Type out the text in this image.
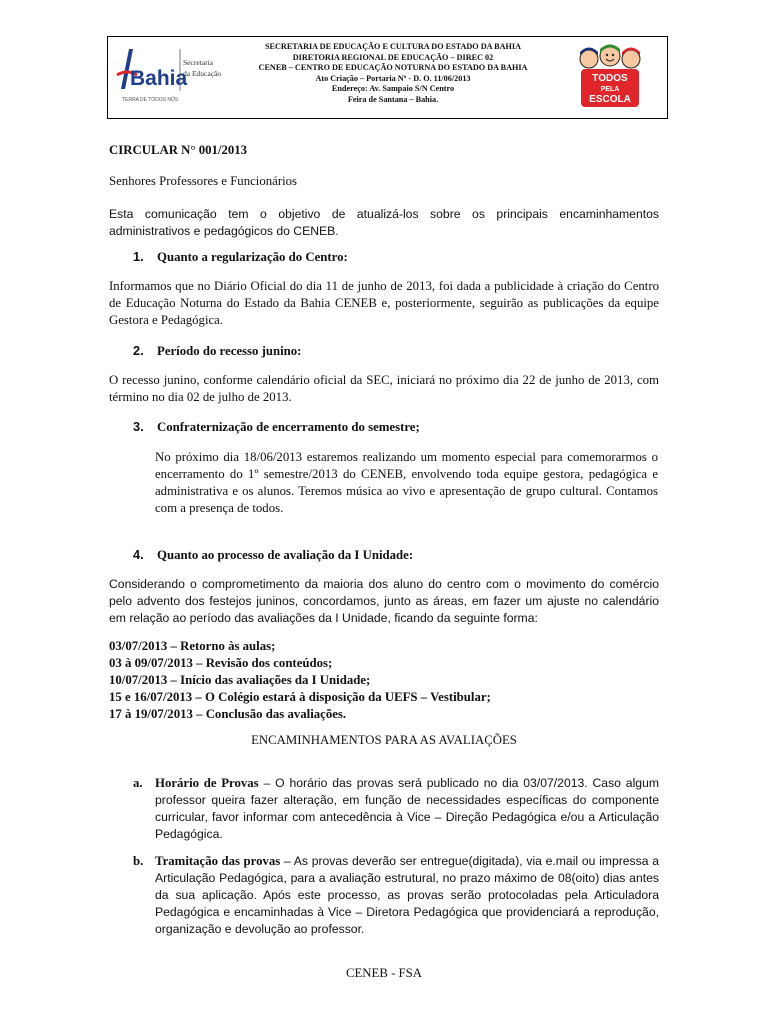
Bahia
Secretaria
da Educação
TERRA DE TODOS NÓS
SECRETARIA DE EDUCAÇÃO E CULTURA DO ESTADO DA BAHIA
DIRETORIA REGIONAL DE EDUCAÇÃO – DIREC 02
CENEB – CENTRO DE EDUCAÇÃO NOTURNA DO ESTADO DA BAHIA
Ato Criação – Portaria Nº - D. O. 11/06/2013
Endereço: Av. Sampaio S/N Centro
Feira de Santana – Bahia.
TODOS
PELA
ESCOLA
CIRCULAR N° 001/2013
Senhores Professores e Funcionários
Esta comunicação tem o objetivo de atualizá-los sobre os principais encaminhamentos administrativos e pedagógicos do CENEB.
1. Quanto a regularização do Centro:
Informamos que no Diário Oficial do dia 11 de junho de 2013, foi dada a publicidade à criação do Centro de Educação Noturna do Estado da Bahia CENEB e, posteriormente, seguirão as publicações da equipe Gestora e Pedagógica.
2. Período do recesso junino:
O recesso junino, conforme calendário oficial da SEC, iniciará no próximo dia 22 de junho de 2013, com término no dia 02 de julho de 2013.
3. Confraternização de encerramento do semestre;
No próximo dia 18/06/2013 estaremos realizando um momento especial para comemorarmos o encerramento do 1º semestre/2013 do CENEB, envolvendo toda equipe gestora, pedagógica e administrativa e os alunos. Teremos música ao vivo e apresentação de grupo cultural. Contamos com a presença de todos.
4. Quanto ao processo de avaliação da I Unidade:
Considerando o comprometimento da maioria dos aluno do centro com o movimento do comércio pelo advento dos festejos juninos, concordamos, junto as áreas, em fazer um ajuste no calendário em relação ao período das avaliações da I Unidade, ficando da seguinte forma:
03/07/2013 – Retorno às aulas;
03 à 09/07/2013 – Revisão dos conteúdos;
10/07/2013 – Início das avaliações da I Unidade;
15 e 16/07/2013 – O Colégio estará à disposição da UEFS – Vestibular;
17 à 19/07/2013 – Conclusão das avaliações.
ENCAMINHAMENTOS PARA AS AVALIAÇÕES
a. Horário de Provas – O horário das provas será publicado no dia 03/07/2013. Caso algum professor queira fazer alteração, em função de necessidades específicas do componente curricular, favor informar com antecedência à Vice – Direção Pedagógica e/ou a Articulação Pedagógica.

b. Tramitação das provas – As provas deverão ser entregue(digitada), via e.mail ou impressa a Articulação Pedagógica, para a avaliação estrutural, no prazo máximo de 08(oito) dias antes da sua aplicação. Após este processo, as provas serão protocoladas pela Articuladora Pedagógica e encaminhadas à Vice – Diretora Pedagógica que providenciará a reprodução, organização e devolução ao professor.

CENEB - FSA
